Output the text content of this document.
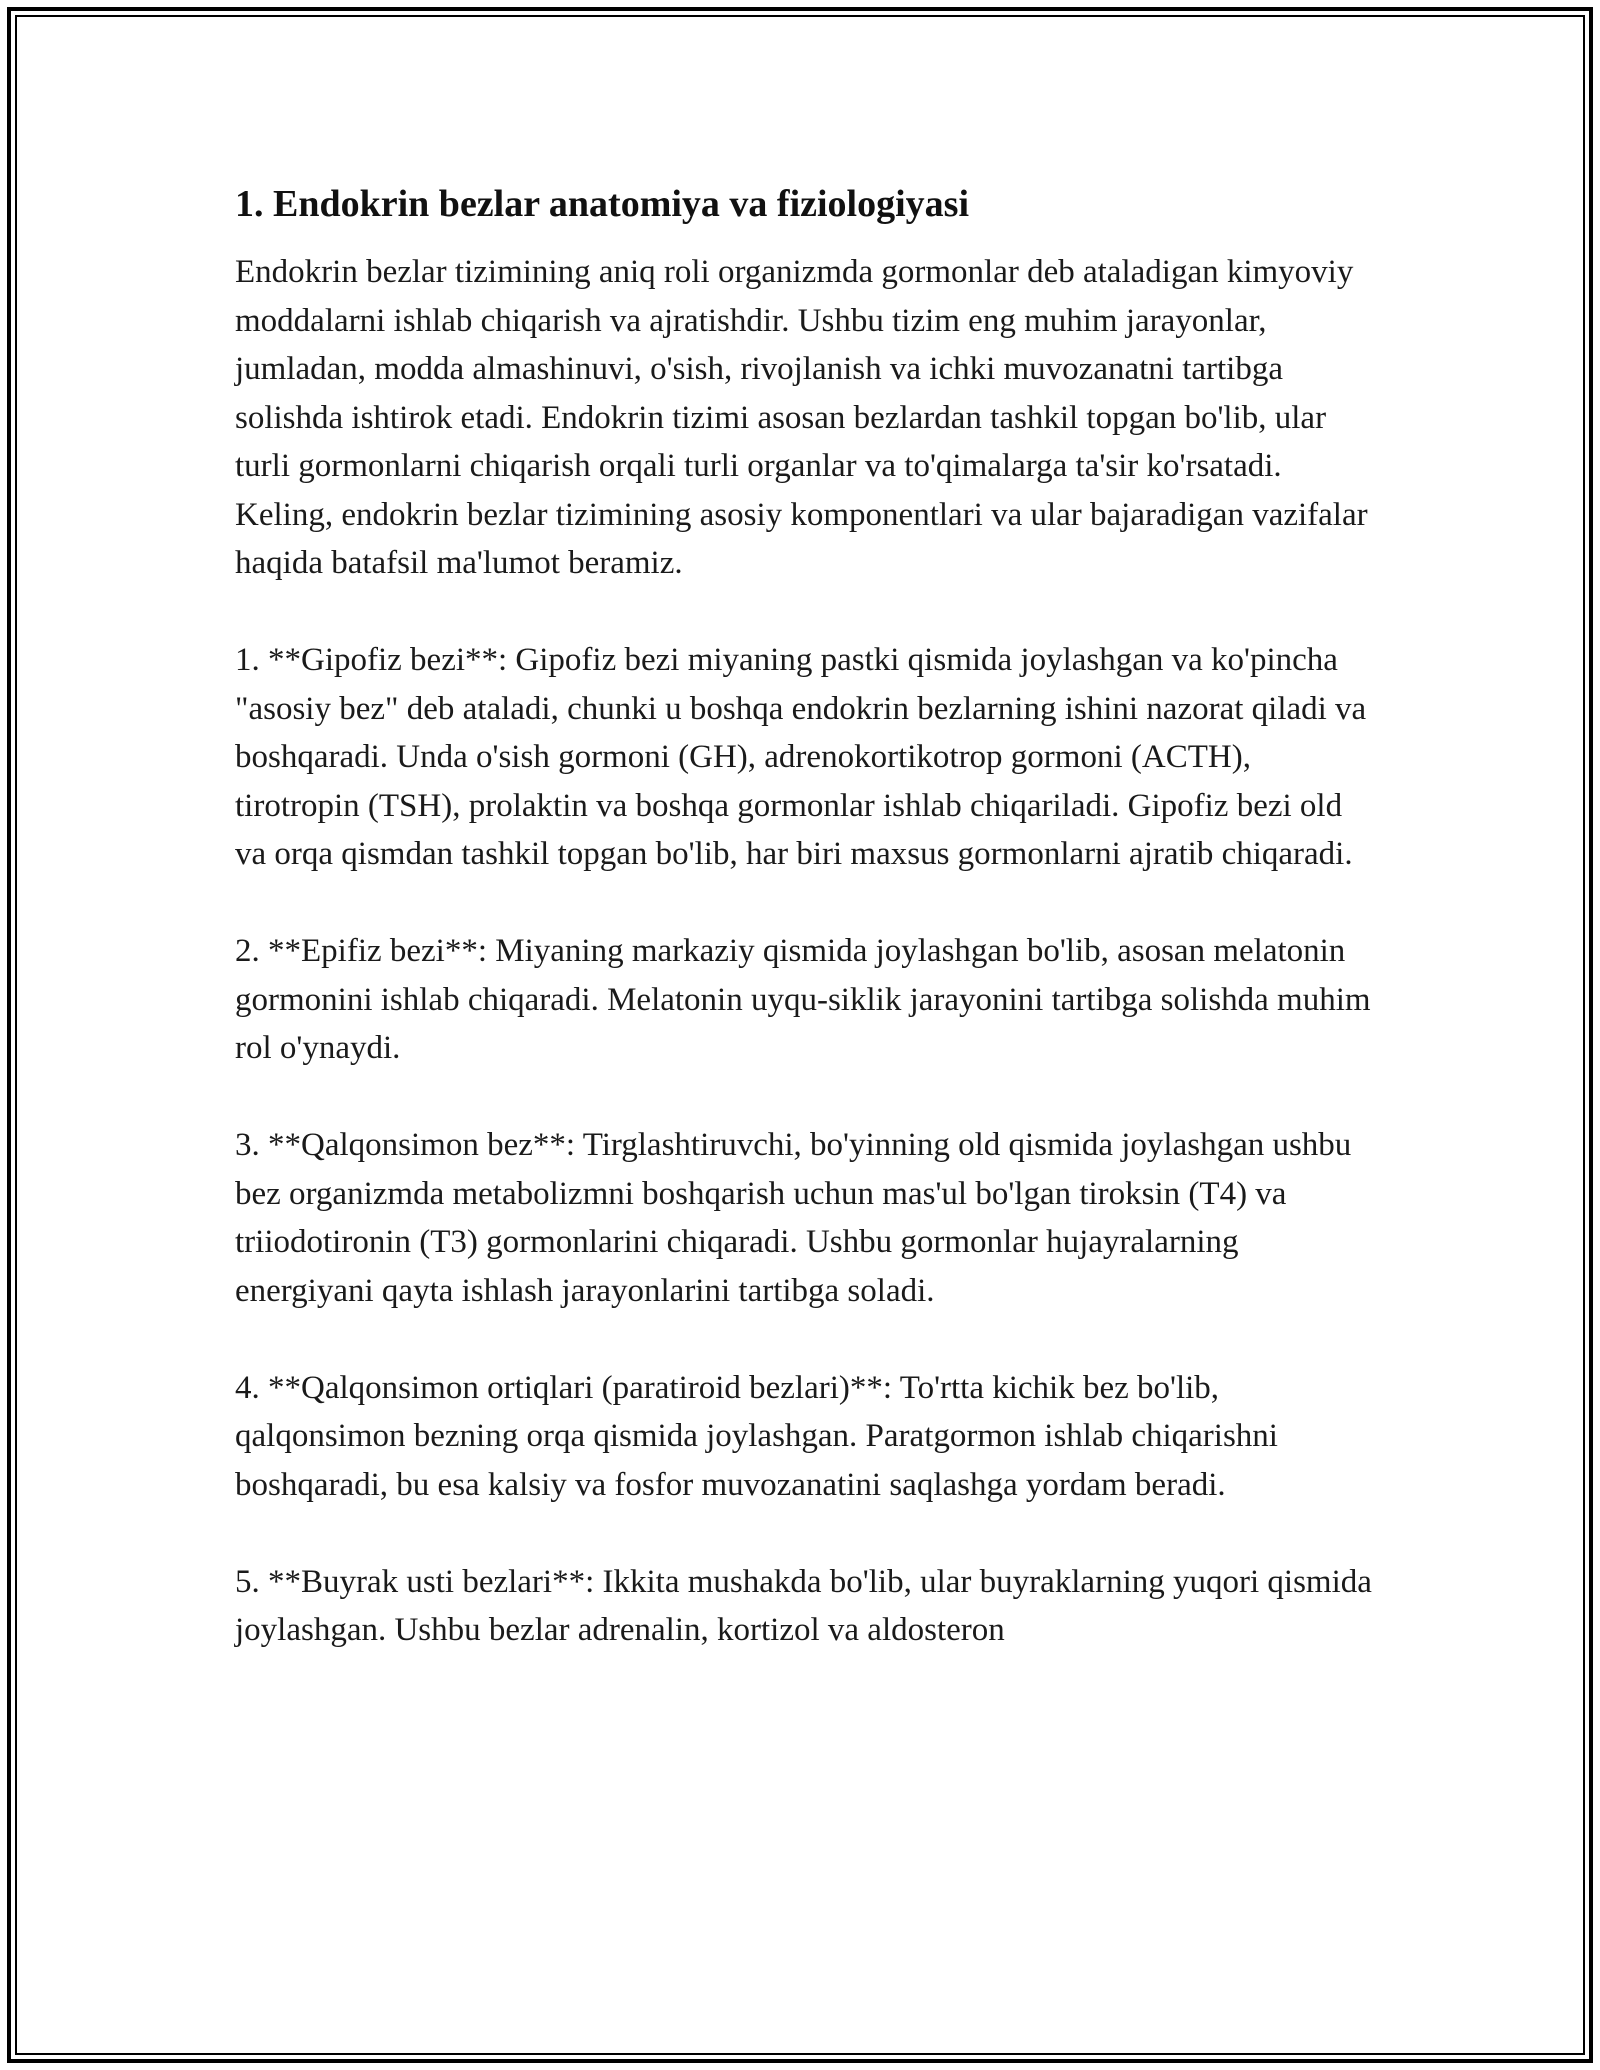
1. Endokrin bezlar anatomiya va fiziologiyasi

Endokrin bezlar tizimining aniq roli organizmda gormonlar deb ataladigan kimyoviy moddalarni ishlab chiqarish va ajratishdir. Ushbu tizim eng muhim jarayonlar, jumladan, modda almashinuvi, o'sish, rivojlanish va ichki muvozanatni tartibga solishda ishtirok etadi. Endokrin tizimi asosan bezlardan tashkil topgan bo'lib, ular turli gormonlarni chiqarish orqali turli organlar va to'qimalarga ta'sir ko'rsatadi. Keling, endokrin bezlar tizimining asosiy komponentlari va ular bajaradigan vazifalar haqida batafsil ma'lumot beramiz.

1. **Gipofiz bezi**: Gipofiz bezi miyaning pastki qismida joylashgan va ko'pincha "asosiy bez" deb ataladi, chunki u boshqa endokrin bezlarning ishini nazorat qiladi va boshqaradi. Unda o'sish gormoni (GH), adrenokortikotrop gormoni (ACTH), tirotropin (TSH), prolaktin va boshqa gormonlar ishlab chiqariladi. Gipofiz bezi old va orqa qismdan tashkil topgan bo'lib, har biri maxsus gormonlarni ajratib chiqaradi.

2. **Epifiz bezi**: Miyaning markaziy qismida joylashgan bo'lib, asosan melatonin gormonini ishlab chiqaradi. Melatonin uyqu-siklik jarayonini tartibga solishda muhim rol o'ynaydi.

3. **Qalqonsimon bez**: Tirglashtiruvchi, bo'yinning old qismida joylashgan ushbu bez organizmda metabolizmni boshqarish uchun mas'ul bo'lgan tiroksin (T4) va triiodotironin (T3) gormonlarini chiqaradi. Ushbu gormonlar hujayralarning energiyani qayta ishlash jarayonlarini tartibga soladi.

4. **Qalqonsimon ortiqlari (paratiroid bezlari)**: To'rtta kichik bez bo'lib, qalqonsimon bezning orqa qismida joylashgan. Paratgormon ishlab chiqarishni boshqaradi, bu esa kalsiy va fosfor muvozanatini saqlashga yordam beradi.

5. **Buyrak usti bezlari**: Ikkita mushakda bo'lib, ular buyraklarning yuqori qismida joylashgan. Ushbu bezlar adrenalin, kortizol va aldosteron
